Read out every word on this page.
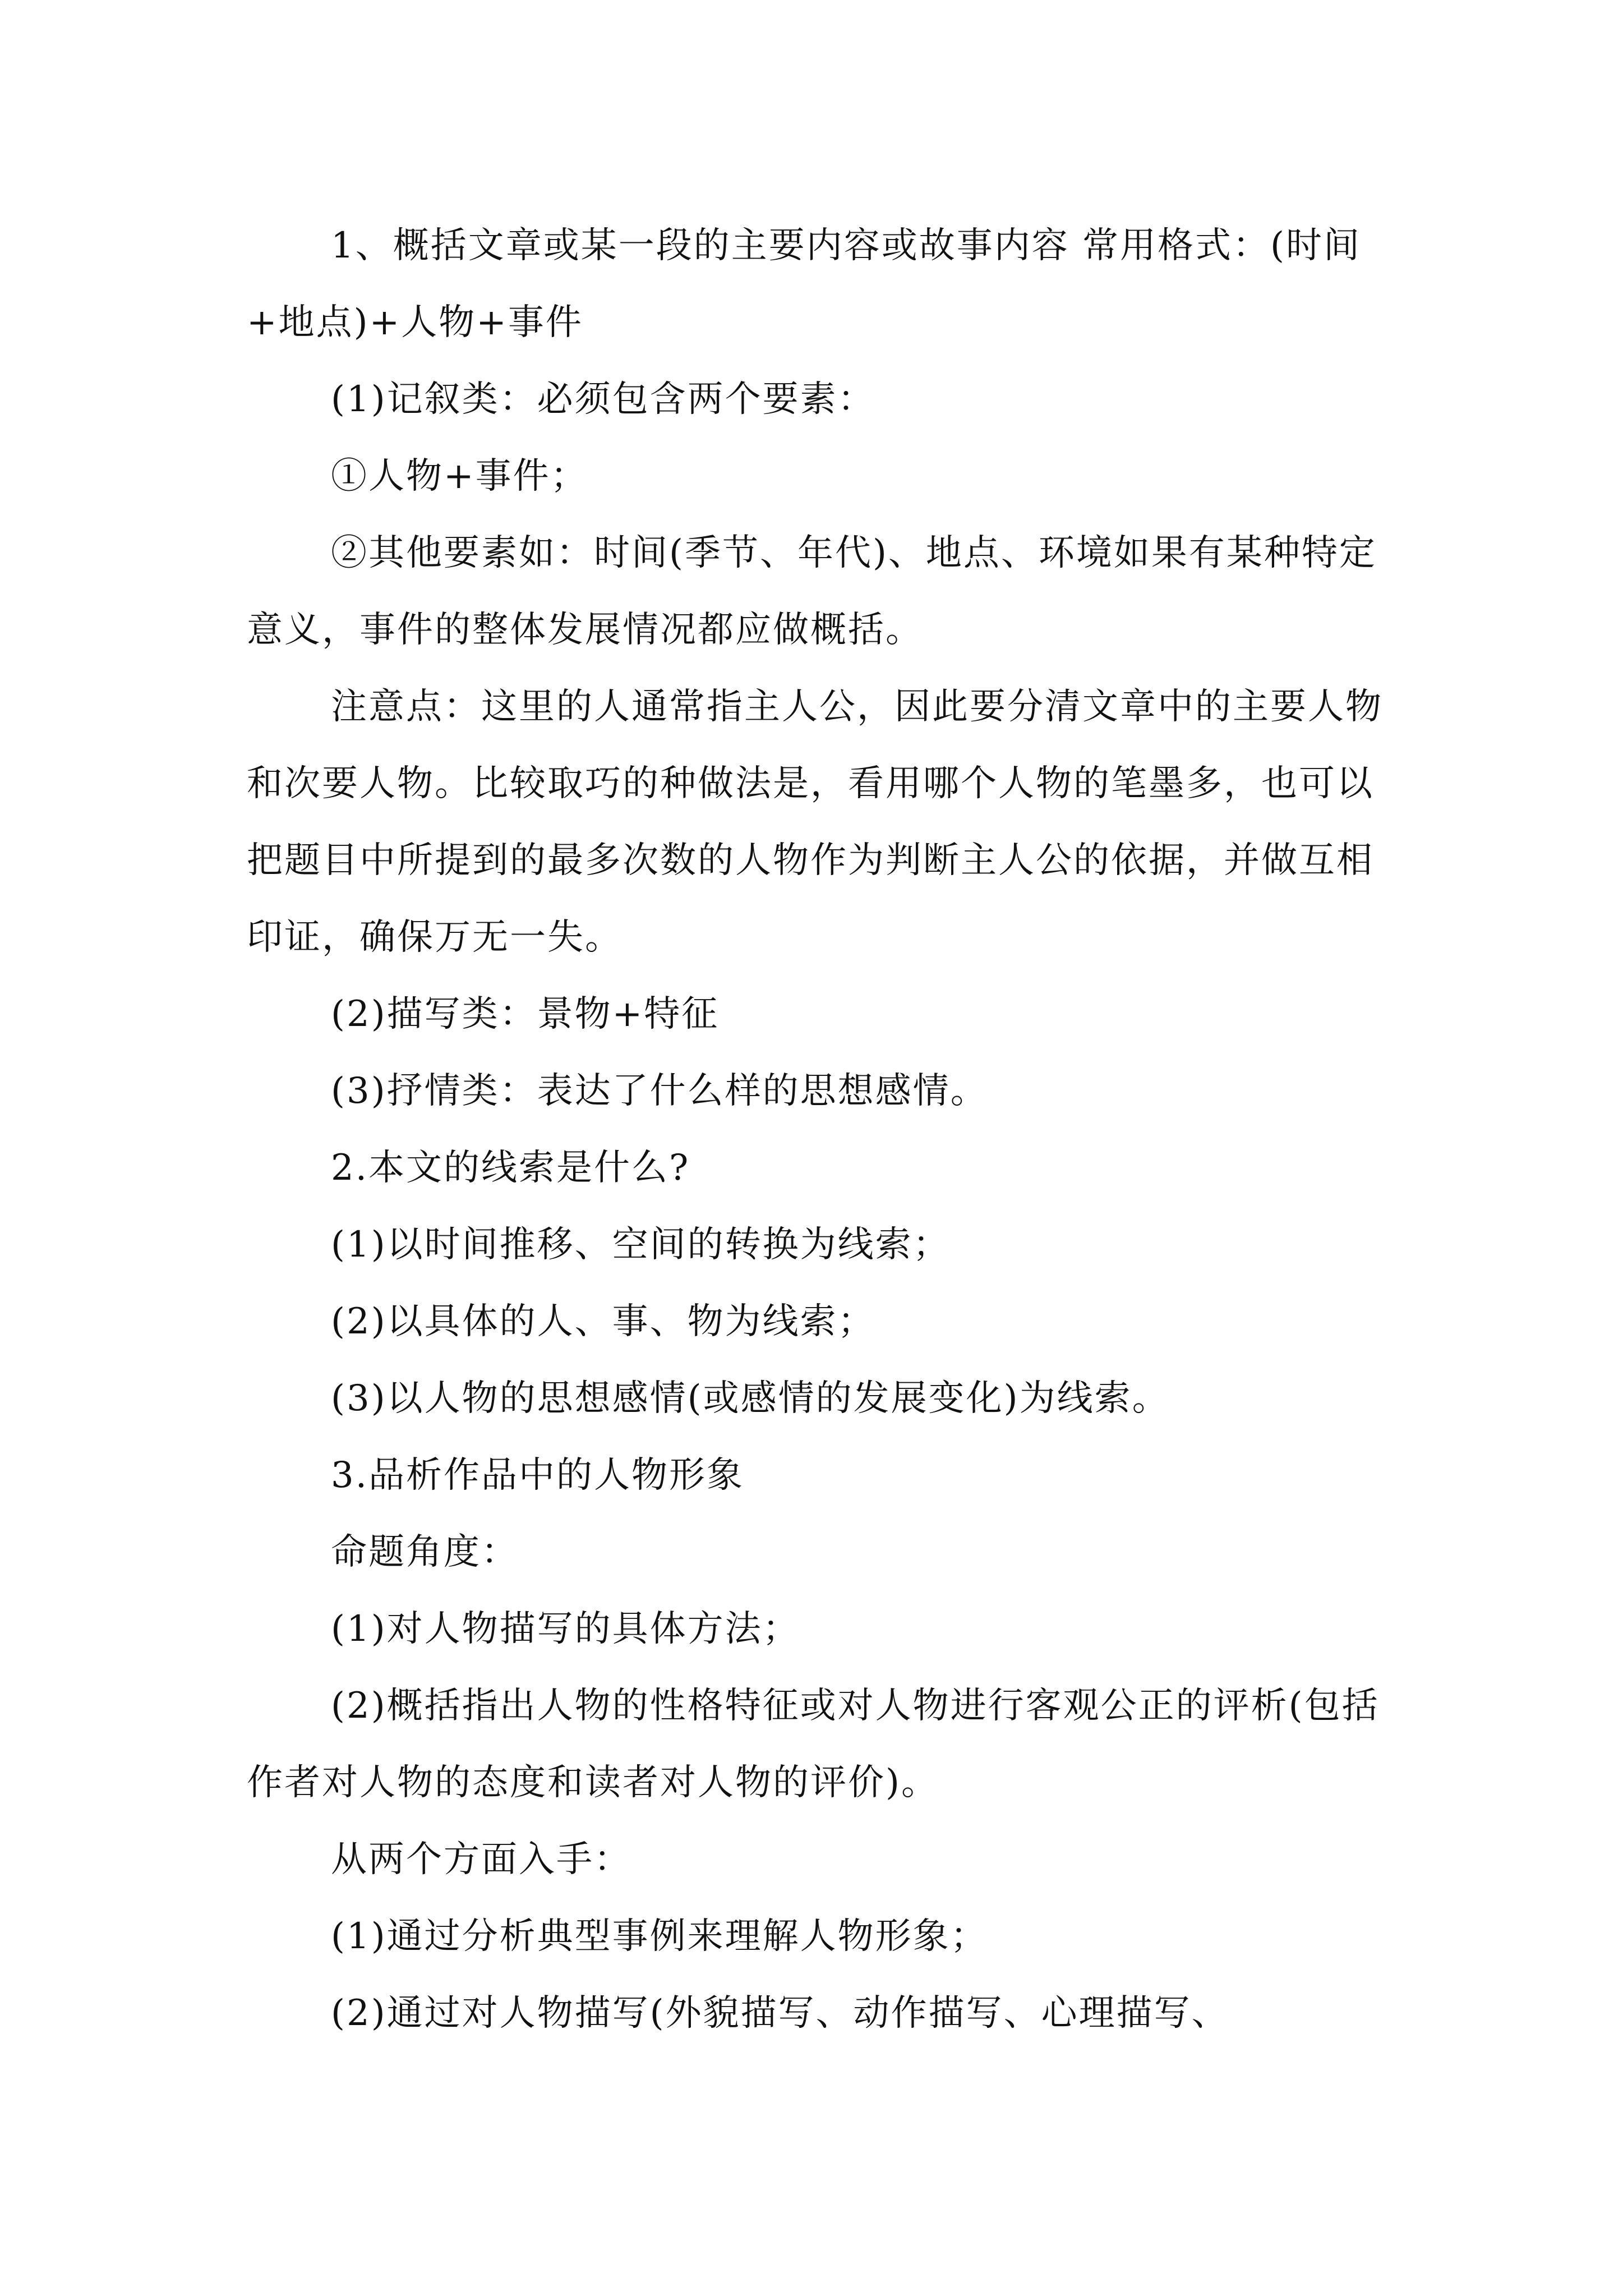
1、概括文章或某一段的主要内容或故事内容 常用格式：(时间+地点)+人物+事件

(1)记叙类：必须包含两个要素：

①人物+事件；

②其他要素如：时间(季节、年代)、地点、环境如果有某种特定意义，事件的整体发展情况都应做概括。

注意点：这里的人通常指主人公，因此要分清文章中的主要人物和次要人物。比较取巧的种做法是，看用哪个人物的笔墨多，也可以把题目中所提到的最多次数的人物作为判断主人公的依据，并做互相印证，确保万无一失。

(2)描写类：景物+特征

(3)抒情类：表达了什么样的思想感情。

2.本文的线索是什么?

(1)以时间推移、空间的转换为线索；

(2)以具体的人、事、物为线索；

(3)以人物的思想感情(或感情的发展变化)为线索。

3.品析作品中的人物形象

命题角度：

(1)对人物描写的具体方法；

(2)概括指出人物的性格特征或对人物进行客观公正的评析(包括作者对人物的态度和读者对人物的评价)。

从两个方面入手：

(1)通过分析典型事例来理解人物形象；

(2)通过对人物描写(外貌描写、动作描写、心理描写、
